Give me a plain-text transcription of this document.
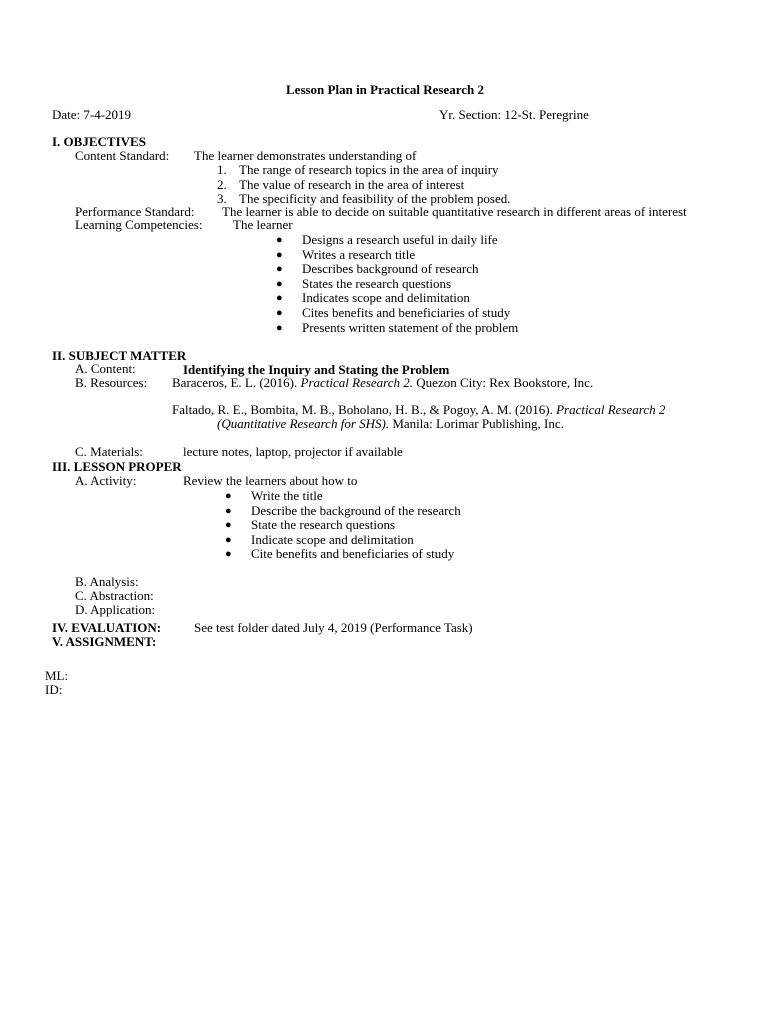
Lesson Plan in Practical Research 2
Date: 7-4-2019	Yr. Section: 12-St. Peregrine
I. OBJECTIVES
Content Standard: The learner demonstrates understanding of
1. The range of research topics in the area of inquiry
2. The value of research in the area of interest
3. The specificity and feasibility of the problem posed.
Performance Standard: The learner is able to decide on suitable quantitative research in different areas of interest
Learning Competencies: The learner
● Designs a research useful in daily life
● Writes a research title
● Describes background of research
● States the research questions
● Indicates scope and delimitation
● Cites benefits and beneficiaries of study
● Presents written statement of the problem
II. SUBJECT MATTER
A. Content:	Identifying the Inquiry and Stating the Problem
B. Resources: Baraceros, E. L. (2016). Practical Research 2. Quezon City: Rex Bookstore, Inc.
Faltado, R. E., Bombita, M. B., Boholano, H. B., & Pogoy, A. M. (2016). Practical Research 2
(Quantitative Research for SHS). Manila: Lorimar Publishing, Inc.
C. Materials:	lecture notes, laptop, projector if available
III. LESSON PROPER
A. Activity:	Review the learners about how to
● Write the title
● Describe the background of the research
● State the research questions
● Indicate scope and delimitation
● Cite benefits and beneficiaries of study
B. Analysis:
C. Abstraction:
D. Application:
IV. EVALUATION:	See test folder dated July 4, 2019 (Performance Task)
V. ASSIGNMENT:
ML:
ID:
